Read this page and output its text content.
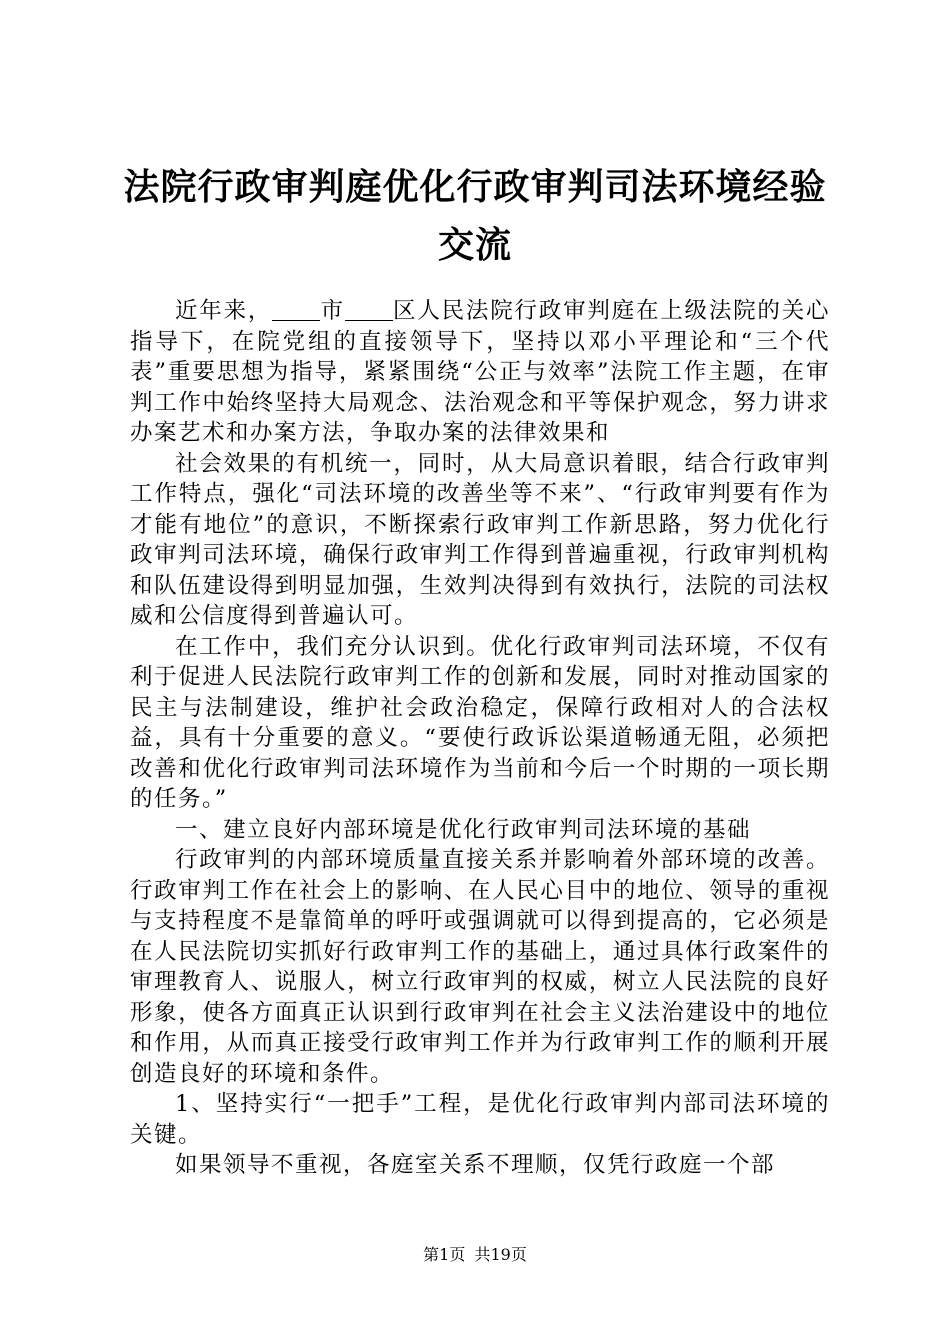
法院行政审判庭优化行政审判司法环境经验交流

近年来， 市 区人民法院行政审判庭在上级法院的关心指导下，在院党组的直接领导下，坚持以邓小平理论和“三个代表”重要思想为指导，紧紧围绕“公正与效率”法院工作主题，在审判工作中始终坚持大局观念、法治观念和平等保护观念，努力讲求办案艺术和办案方法，争取办案的法律效果和

社会效果的有机统一，同时，从大局意识着眼，结合行政审判工作特点，强化“司法环境的改善坐等不来”、“行政审判要有作为才能有地位”的意识，不断探索行政审判工作新思路，努力优化行政审判司法环境，确保行政审判工作得到普遍重视，行政审判机构和队伍建设得到明显加强，生效判决得到有效执行，法院的司法权威和公信度得到普遍认可。

在工作中，我们充分认识到。优化行政审判司法环境，不仅有利于促进人民法院行政审判工作的创新和发展，同时对推动国家的民主与法制建设，维护社会政治稳定，保障行政相对人的合法权益，具有十分重要的意义。“要使行政诉讼渠道畅通无阻，必须把改善和优化行政审判司法环境作为当前和今后一个时期的一项长期的任务。”

一、建立良好内部环境是优化行政审判司法环境的基础

行政审判的内部环境质量直接关系并影响着外部环境的改善。行政审判工作在社会上的影响、在人民心目中的地位、领导的重视与支持程度不是靠简单的呼吁或强调就可以得到提高的，它必须是在人民法院切实抓好行政审判工作的基础上，通过具体行政案件的审理教育人、说服人，树立行政审判的权威，树立人民法院的良好形象，使各方面真正认识到行政审判在社会主义法治建设中的地位和作用，从而真正接受行政审判工作并为行政审判工作的顺利开展创造良好的环境和条件。

1、坚持实行“一把手”工程，是优化行政审判内部司法环境的关键。

如果领导不重视，各庭室关系不理顺，仅凭行政庭一个部

第1页 共19页
